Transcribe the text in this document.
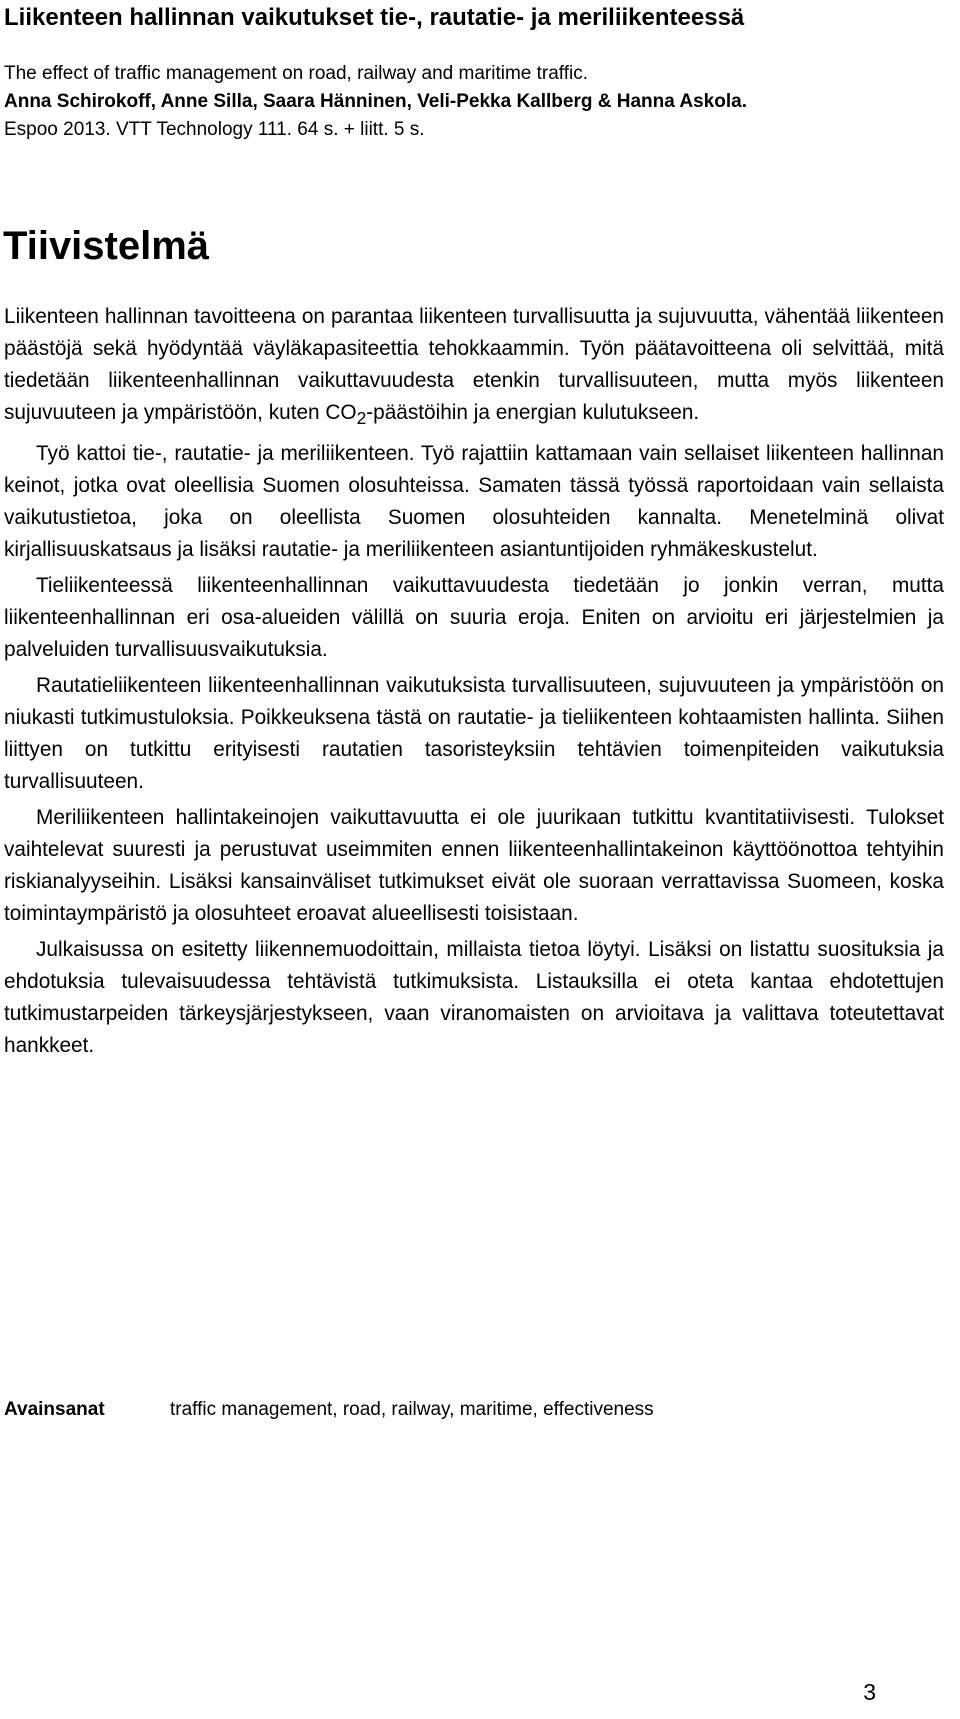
Liikenteen hallinnan vaikutukset tie-, rautatie- ja meriliikenteessä
The effect of traffic management on road, railway and maritime traffic.
Anna Schirokoff, Anne Silla, Saara Hänninen, Veli-Pekka Kallberg & Hanna Askola.
Espoo 2013. VTT Technology 111. 64 s. + liitt. 5 s.
Tiivistelmä

Liikenteen hallinnan tavoitteena on parantaa liikenteen turvallisuutta ja sujuvuutta, vähentää liikenteen päästöjä sekä hyödyntää väyläkapasiteettia tehokkaammin. Työn päätavoitteena oli selvittää, mitä tiedetään liikenteenhallinnan vaikuttavuudesta etenkin turvallisuuteen, mutta myös liikenteen sujuvuuteen ja ympäristöön, kuten $CO_2$-päästöihin ja energian kulutukseen.

Työ kattoi tie-, rautatie- ja meriliikenteen. Työ rajattiin kattamaan vain sellaiset liikenteen hallinnan keinot, jotka ovat oleellisia Suomen olosuhteissa. Samaten tässä työssä raportoidaan vain sellaista vaikutustietoa, joka on oleellista Suomen olosuhteiden kannalta. Menetelminä olivat kirjallisuuskatsaus ja lisäksi rautatie- ja meriliikenteen asiantuntijoiden ryhmäkeskustelut.

Tieliikenteessä liikenteenhallinnan vaikuttavuudesta tiedetään jo jonkin verran, mutta liikenteenhallinnan eri osa-alueiden välillä on suuria eroja. Eniten on arvioitu eri järjestelmien ja palveluiden turvallisuusvaikutuksia.

Rautatieliikenteen liikenteenhallinnan vaikutuksista turvallisuuteen, sujuvuuteen ja ympäristöön on niukasti tutkimustuloksia. Poikkeuksena tästä on rautatie- ja tieliikenteen kohtaamisten hallinta. Siihen liittyen on tutkittu erityisesti rautatien tasoristeyksiin tehtävien toimenpiteiden vaikutuksia turvallisuuteen.

Meriliikenteen hallintakeinojen vaikuttavuutta ei ole juurikaan tutkittu kvantitatiivisesti. Tulokset vaihtelevat suuresti ja perustuvat useimmiten ennen liikenteenhallintakeinon käyttöönottoa tehtyihin riskianalyyseihin. Lisäksi kansainväliset tutkimukset eivät ole suoraan verrattavissa Suomeen, koska toimintaympäristö ja olosuhteet eroavat alueellisesti toisistaan.

Julkaisussa on esitetty liikennemuodoittain, millaista tietoa löytyi. Lisäksi on listattu suosituksia ja ehdotuksia tulevaisuudessa tehtävistä tutkimuksista. Listauksilla ei oteta kantaa ehdotettujen tutkimustarpeiden tärkeysjärjestykseen, vaan viranomaisten on arvioitava ja valittava toteutettavat hankkeet.

Avainsanat	traffic management, road, railway, maritime, effectiveness
3
